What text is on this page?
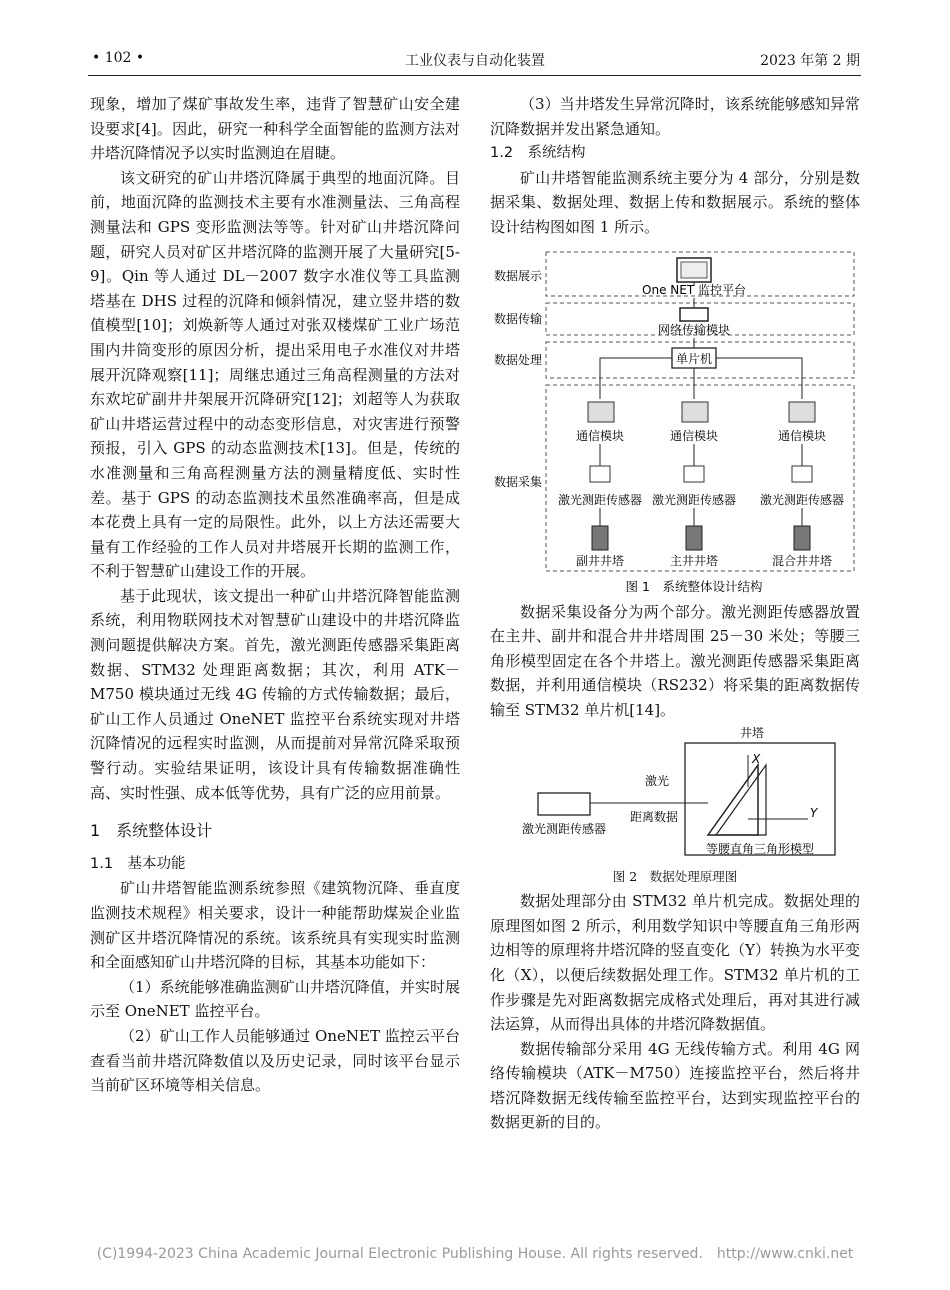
• 102 •	工业仪表与自动化装置	2023 年第 2 期

现象，增加了煤矿事故发生率，违背了智慧矿山安全建设要求[4]。因此，研究一种科学全面智能的监测方法对井塔沉降情况予以实时监测迫在眉睫。

该文研究的矿山井塔沉降属于典型的地面沉降。目前，地面沉降的监测技术主要有水准测量法、三角高程测量法和 GPS 变形监测法等等。针对矿山井塔沉降问题，研究人员对矿区井塔沉降的监测开展了大量研究[5-9]。Qin 等人通过 DL－2007 数字水准仪等工具监测塔基在 DHS 过程的沉降和倾斜情况，建立竖井塔的数值模型[10]；刘焕新等人通过对张双楼煤矿工业广场范围内井筒变形的原因分析，提出采用电子水准仪对井塔展开沉降观察[11]；周继忠通过三角高程测量的方法对东欢坨矿副井井架展开沉降研究[12]；刘超等人为获取矿山井塔运营过程中的动态变形信息，对灾害进行预警预报，引入 GPS 的动态监测技术[13]。但是，传统的水准测量和三角高程测量方法的测量精度低、实时性差。基于 GPS 的动态监测技术虽然准确率高，但是成本花费上具有一定的局限性。此外，以上方法还需要大量有工作经验的工作人员对井塔展开长期的监测工作，不利于智慧矿山建设工作的开展。

基于此现状，该文提出一种矿山井塔沉降智能监测系统，利用物联网技术对智慧矿山建设中的井塔沉降监测问题提供解决方案。首先，激光测距传感器采集距离数据、STM32 处理距离数据；其次，利用 ATK－M750 模块通过无线 4G 传输的方式传输数据；最后，矿山工作人员通过 OneNET 监控平台系统实现对井塔沉降情况的远程实时监测，从而提前对异常沉降采取预警行动。实验结果证明，该设计具有传输数据准确性高、实时性强、成本低等优势，具有广泛的应用前景。

1　系统整体设计

1.1　基本功能

矿山井塔智能监测系统参照《建筑物沉降、垂直度监测技术规程》相关要求，设计一种能帮助煤炭企业监测矿区井塔沉降情况的系统。该系统具有实现实时监测和全面感知矿山井塔沉降的目标，其基本功能如下：

（1）系统能够准确监测矿山井塔沉降值，并实时展示至 OneNET 监控平台。

（2）矿山工作人员能够通过 OneNET 监控云平台查看当前井塔沉降数值以及历史记录，同时该平台显示当前矿区环境等相关信息。

（3）当井塔发生异常沉降时，该系统能够感知异常沉降数据并发出紧急通知。

1.2　系统结构

矿山井塔智能监测系统主要分为 4 部分，分别是数据采集、数据处理、数据上传和数据展示。系统的整体设计结构图如图 1 所示。

数据展示
数据传输
数据处理
数据采集
One NET 监控平台
网络传输模块
单片机
通信模块	通信模块	通信模块
激光测距传感器 激光测距传感器 激光测距传感器
副井井塔	主井井塔	混合井井塔
图 1　系统整体设计结构

数据采集设备分为两个部分。激光测距传感器放置在主井、副井和混合井井塔周围 25－30 米处；等腰三角形模型固定在各个井塔上。激光测距传感器采集距离数据，并利用通信模块（RS232）将采集的距离数据传输至 STM32 单片机[14]。

井塔
激光测距传感器
激光
距离数据
X
Y
等腰直角三角形模型

图 2　数据处理原理图

数据处理部分由 STM32 单片机完成。数据处理的原理图如图 2 所示，利用数学知识中等腰直角三角形两边相等的原理将井塔沉降的竖直变化（Y）转换为水平变化（X），以便后续数据处理工作。STM32 单片机的工作步骤是先对距离数据完成格式处理后，再对其进行减法运算，从而得出具体的井塔沉降数据值。

数据传输部分采用 4G 无线传输方式。利用 4G 网络传输模块（ATK－M750）连接监控平台，然后将井塔沉降数据无线传输至监控平台，达到实现监控平台的数据更新的目的。

(C)1994-2023 China Academic Journal Electronic Publishing House. All rights reserved.　http://www.cnki.net
